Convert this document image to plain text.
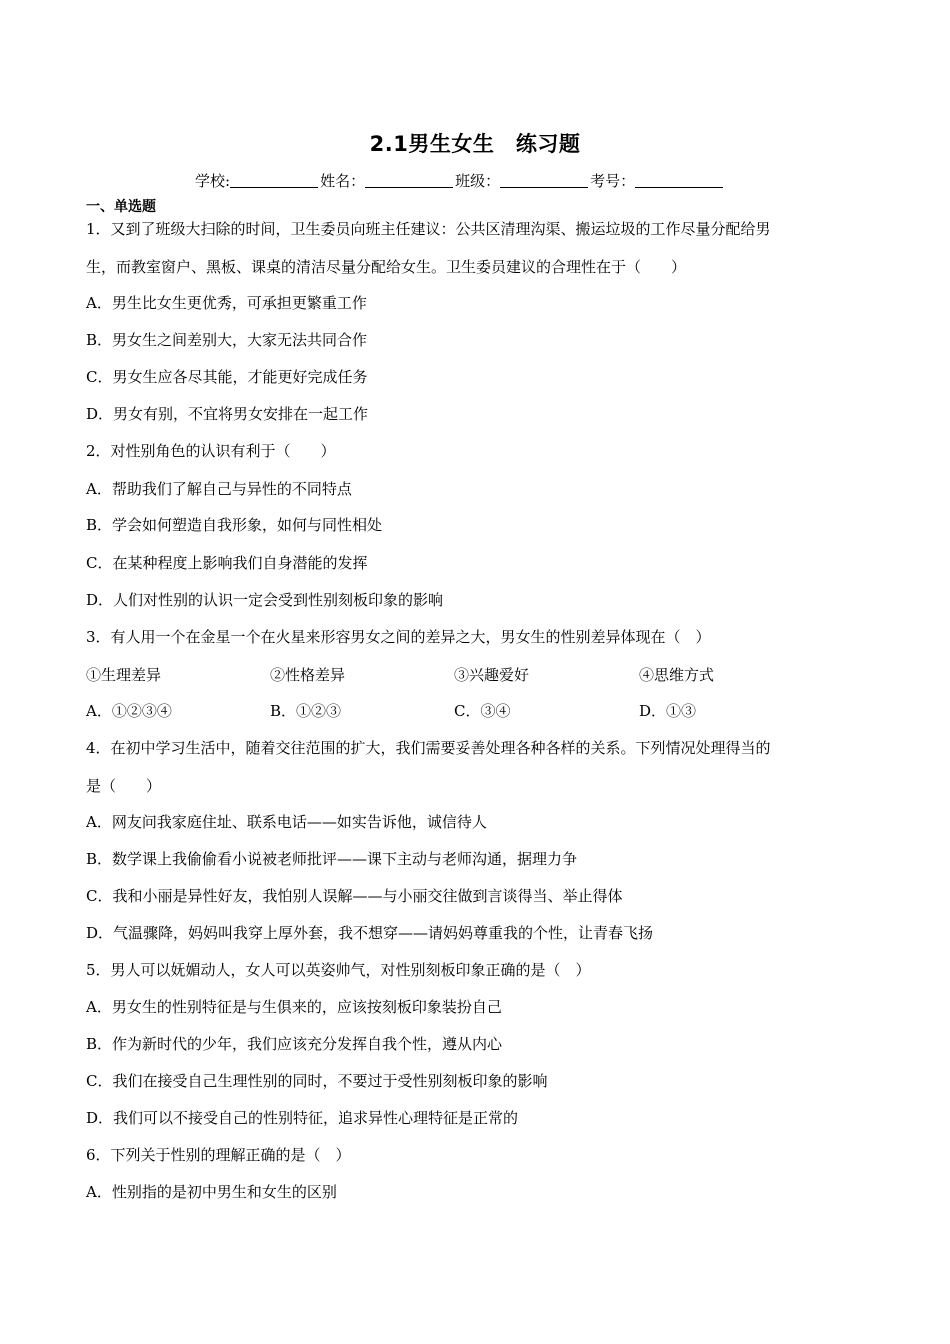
2.1男生女生　练习题
学校:	姓名：	班级：	考号：
一、单选题
1．又到了班级大扫除的时间，卫生委员向班主任建议：公共区清理沟渠、搬运垃圾的工作尽量分配给男
生，而教室窗户、黑板、课桌的清洁尽量分配给女生。卫生委员建议的合理性在于（　　）
A．男生比女生更优秀，可承担更繁重工作
B．男女生之间差别大，大家无法共同合作
C．男女生应各尽其能，才能更好完成任务
D．男女有别，不宜将男女安排在一起工作
2．对性别角色的认识有利于（　　）
A．帮助我们了解自己与异性的不同特点
B．学会如何塑造自我形象，如何与同性相处
C．在某种程度上影响我们自身潜能的发挥
D．人们对性别的认识一定会受到性别刻板印象的影响
3．有人用一个在金星一个在火星来形容男女之间的差异之大，男女生的性别差异体现在（　）
①生理差异	②性格差异	③兴趣爱好	④思维方式
A．①②③④	B．①②③	C．③④	D．①③
4．在初中学习生活中，随着交往范围的扩大，我们需要妥善处理各种各样的关系。下列情况处理得当的
是（　　）
A．网友问我家庭住址、联系电话——如实告诉他，诚信待人
B．数学课上我偷偷看小说被老师批评——课下主动与老师沟通，据理力争
C．我和小丽是异性好友，我怕别人误解——与小丽交往做到言谈得当、举止得体
D．气温骤降，妈妈叫我穿上厚外套，我不想穿——请妈妈尊重我的个性，让青春飞扬
5．男人可以妩媚动人，女人可以英姿帅气，对性别刻板印象正确的是（　）
A．男女生的性别特征是与生俱来的，应该按刻板印象装扮自己
B．作为新时代的少年，我们应该充分发挥自我个性，遵从内心
C．我们在接受自己生理性别的同时，不要过于受性别刻板印象的影响
D．我们可以不接受自己的性别特征，追求异性心理特征是正常的
6．下列关于性别的理解正确的是（　）
A．性别指的是初中男生和女生的区别
